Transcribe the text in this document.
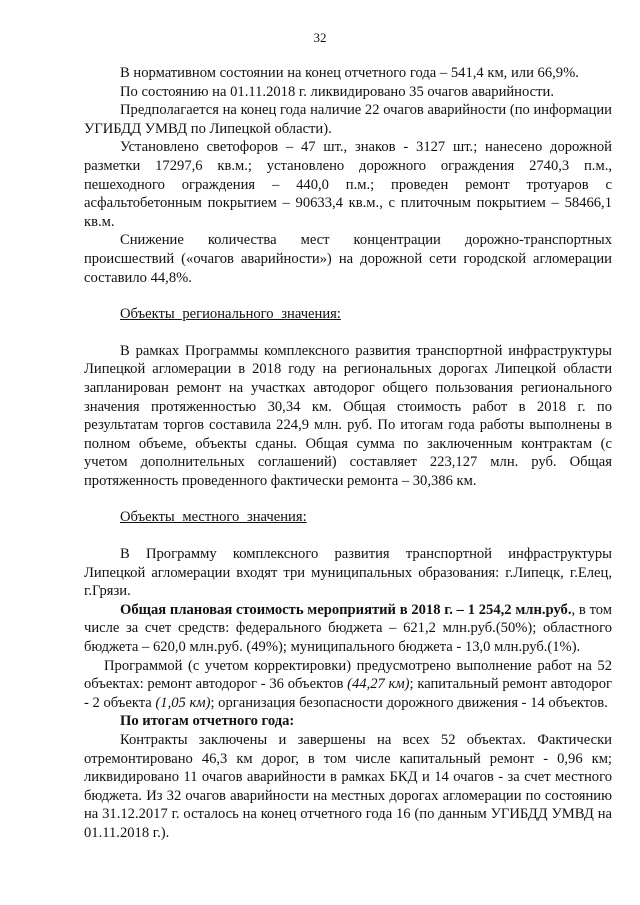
32

В нормативном состоянии на конец отчетного года – 541,4 км, или 66,9%.

По состоянию на 01.11.2018 г. ликвидировано 35 очагов аварийности.

Предполагается на конец года наличие 22 очагов аварийности (по информации УГИБДД УМВД по Липецкой области).

Установлено светофоров – 47 шт., знаков - 3127 шт.; нанесено дорожной разметки 17297,6 кв.м.; установлено дорожного ограждения 2740,3 п.м., пешеходного ограждения – 440,0 п.м.; проведен ремонт тротуаров с асфальтобетонным покрытием – 90633,4 кв.м., с плиточным покрытием – 58466,1 кв.м.

Снижение количества мест концентрации дорожно-транспортных происшествий («очагов аварийности») на дорожной сети городской агломерации составило 44,8%.

Объекты регионального значения:

В рамках Программы комплексного развития транспортной инфраструктуры Липецкой агломерации в 2018 году на региональных дорогах Липецкой области запланирован ремонт на участках автодорог общего пользования регионального значения протяженностью 30,34 км. Общая стоимость работ в 2018 г. по результатам торгов составила 224,9 млн. руб. По итогам года работы выполнены в полном объеме, объекты сданы. Общая сумма по заключенным контрактам (с учетом дополнительных соглашений) составляет 223,127 млн. руб. Общая протяженность проведенного фактически ремонта – 30,386 км.

Объекты местного значения:

В Программу комплексного развития транспортной инфраструктуры Липецкой агломерации входят три муниципальных образования: г.Липецк, г.Елец, г.Грязи.

Общая плановая стоимость мероприятий в 2018 г. – 1 254,2 млн.руб., в том числе за счет средств: федерального бюджета – 621,2 млн.руб.(50%); областного бюджета – 620,0 млн.руб. (49%); муниципального бюджета - 13,0 млн.руб.(1%).

Программой (с учетом корректировки) предусмотрено выполнение работ на 52 объектах: ремонт автодорог - 36 объектов (44,27 км); капитальный ремонт автодорог - 2 объекта (1,05 км); организация безопасности дорожного движения - 14 объектов.

По итогам отчетного года:

Контракты заключены и завершены на всех 52 объектах. Фактически отремонтировано 46,3 км дорог, в том числе капитальный ремонт - 0,96 км; ликвидировано 11 очагов аварийности в рамках БКД и 14 очагов - за счет местного бюджета. Из 32 очагов аварийности на местных дорогах агломерации по состоянию на 31.12.2017 г. осталось на конец отчетного года 16 (по данным УГИБДД УМВД на 01.11.2018 г.).
